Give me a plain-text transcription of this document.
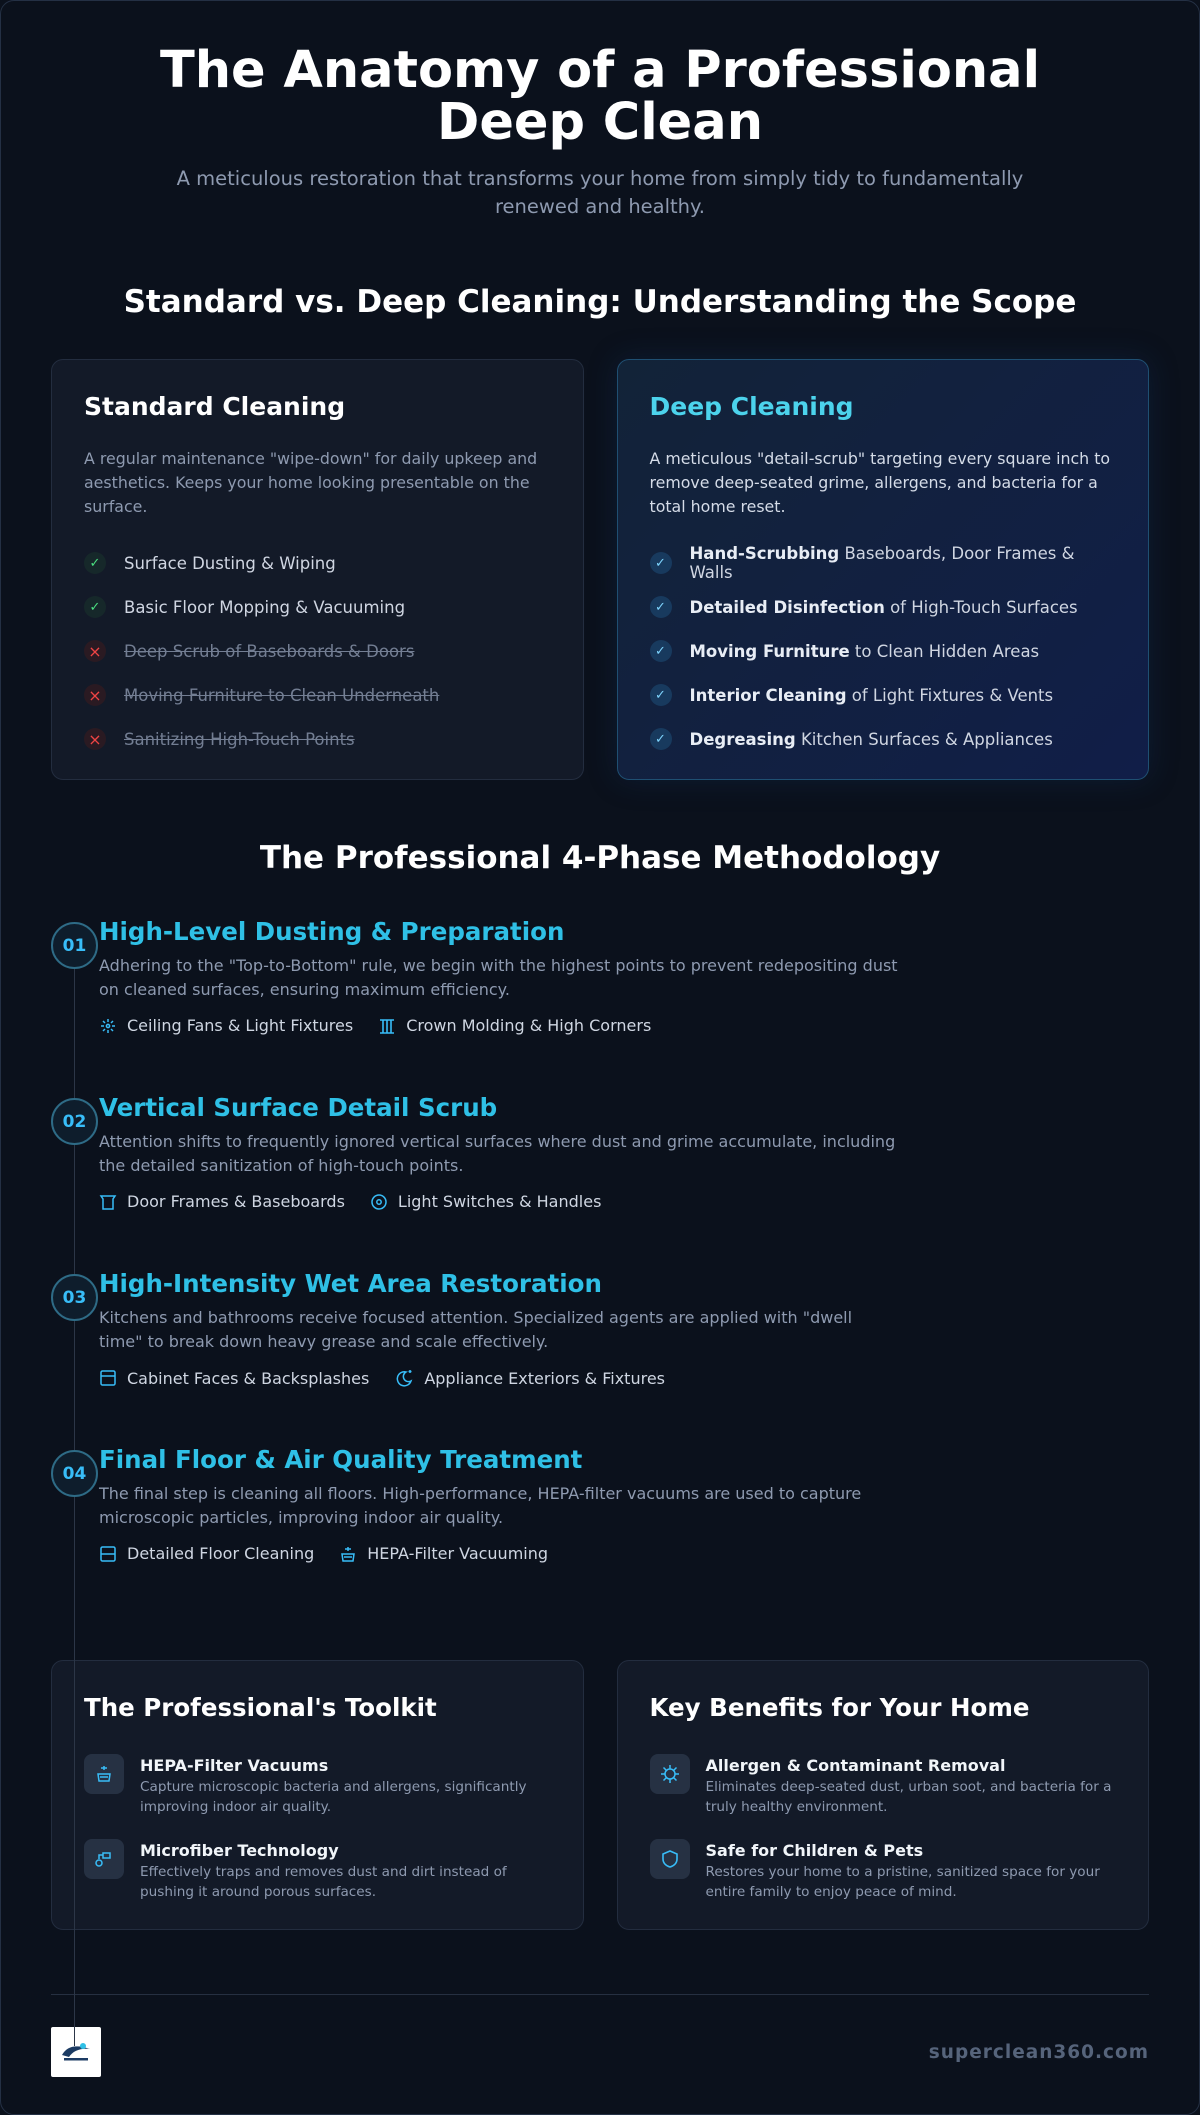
The Anatomy of a Professional Deep Clean

A meticulous restoration that transforms your home from simply tidy to fundamentally renewed and healthy.

Standard vs. Deep Cleaning: Understanding the Scope
Standard Cleaning

A regular maintenance "wipe-down" for daily upkeep and aesthetics. Keeps your home looking presentable on the surface.

✓	Surface Dusting & Wiping
✓	Basic Floor Mopping & Vacuuming
× Deep Scrub of Baseboards & Doors
× Moving Furniture to Clean Underneath
× Sanitizing High-Touch Points
Deep Cleaning

A meticulous "detail-scrub" targeting every square inch to remove deep-seated grime, allergens, and bacteria for a total home reset.

✓	Hand-Scrubbing Baseboards, Door Frames & Walls
✓	Detailed Disinfection of High-Touch Surfaces
✓	Moving Furniture to Clean Hidden Areas
✓	Interior Cleaning of Light Fixtures & Vents
✓	Degreasing Kitchen Surfaces & Appliances
The Professional 4-Phase Methodology
01 High-Level Dusting & Preparation

Adhering to the "Top-to-Bottom" rule, we begin with the highest points to prevent redepositing dust on cleaned surfaces, ensuring maximum efficiency.

Ceiling Fans & Light Fixtures	Crown Molding & High Corners
02 Vertical Surface Detail Scrub

Attention shifts to frequently ignored vertical surfaces where dust and grime accumulate, including the detailed sanitization of high-touch points.

Door Frames & Baseboards	Light Switches & Handles
03 High-Intensity Wet Area Restoration

Kitchens and bathrooms receive focused attention. Specialized agents are applied with "dwell time" to break down heavy grease and scale effectively.

Cabinet Faces & Backsplashes	Appliance Exteriors & Fixtures
04 Final Floor & Air Quality Treatment

The final step is cleaning all floors. High-performance, HEPA-filter vacuums are used to capture microscopic particles, improving indoor air quality.

Detailed Floor Cleaning	HEPA-Filter Vacuuming
The Professional's Toolkit
HEPA-Filter Vacuums
Capture microscopic bacteria and allergens, significantly improving indoor air quality.
Microfiber Technology
Effectively traps and removes dust and dirt instead of pushing it around porous surfaces.
Key Benefits for Your Home
Allergen & Contaminant Removal
Eliminates deep-seated dust, urban soot, and bacteria for a truly healthy environment.
Safe for Children & Pets
Restores your home to a pristine, sanitized space for your entire family to enjoy peace of mind.
superclean360.com
